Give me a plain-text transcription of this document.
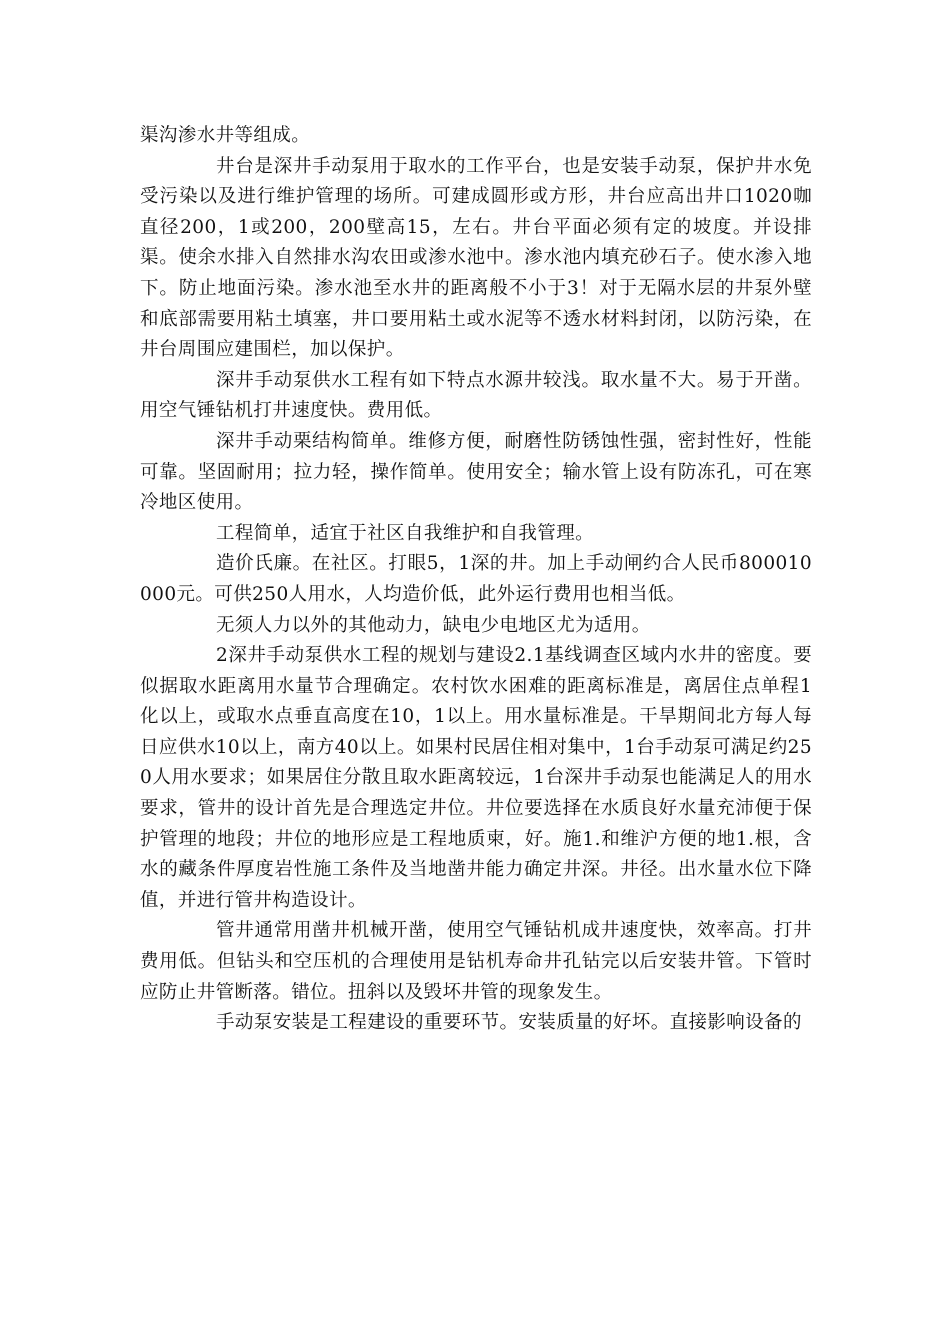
渠沟渗水井等组成。

井台是深井手动泵用于取水的工作平台，也是安装手动泵，保护井水免受污染以及进行维护管理的场所。可建成圆形或方形，井台应高出井口1020咖直径200，1或200，200壁高15，左右。井台平面必须有定的坡度。并设排渠。使余水排入自然排水沟农田或渗水池中。渗水池内填充砂石子。使水渗入地下。防止地面污染。渗水池至水井的距离般不小于3！对于无隔水层的井泵外壁和底部需要用粘土填塞，井口要用粘土或水泥等不透水材料封闭，以防污染，在井台周围应建围栏，加以保护。

深井手动泵供水工程有如下特点水源井较浅。取水量不大。易于开凿。用空气锤钻机打井速度快。费用低。

深井手动栗结构简单。维修方便，耐磨性防锈蚀性强，密封性好，性能可靠。坚固耐用；拉力轻，操作简单。使用安全；输水管上设有防冻孔，可在寒冷地区使用。

工程简单，适宜于社区自我维护和自我管理。

造价氏廉。在社区。打眼5，1深的井。加上手动闸约合人民币800010000元。可供250人用水，人均造价低，此外运行费用也相当低。

无须人力以外的其他动力，缺电少电地区尤为适用。

2深井手动泵供水工程的规划与建设2.1基线调查区域内水井的密度。要似据取水距离用水量节合理确定。农村饮水困难的距离标准是，离居住点单程1化以上，或取水点垂直高度在10，1以上。用水量标准是。干旱期间北方每人每日应供水10以上，南方40以上。如果村民居住相对集中，1台手动泵可满足约250人用水要求；如果居住分散且取水距离较远，1台深井手动泵也能满足人的用水要求，管井的设计首先是合理选定井位。井位要选择在水质良好水量充沛便于保护管理的地段；井位的地形应是工程地质柬，好。施1.和维沪方便的地1.根，含水的藏条件厚度岩性施工条件及当地凿井能力确定井深。井径。出水量水位下降值，并进行管井构造设计。

管井通常用凿井机械开凿，使用空气锤钻机成井速度快，效率高。打井费用低。但钻头和空压机的合理使用是钻机寿命井孔钻完以后安装井管。下管时应防止井管断落。错位。扭斜以及毁坏井管的现象发生。

手动泵安装是工程建设的重要环节。安装质量的好坏。直接影响设备的
